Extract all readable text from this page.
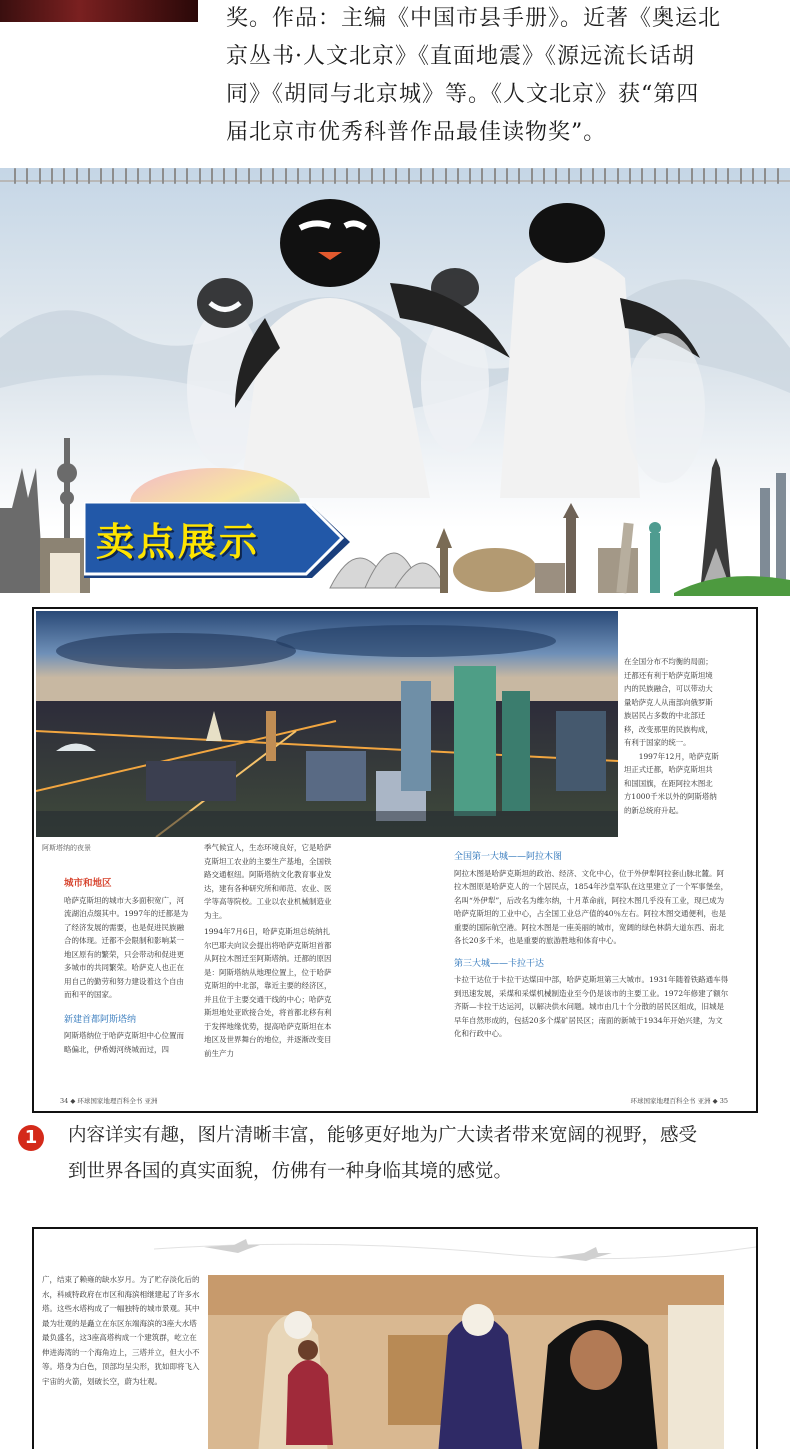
奖。作品：主编《中国市县手册》。近著《奥运北

京丛书·人文北京》《直面地震》《源远流长话胡

同》《胡同与北京城》等。《人文北京》获“第四

届北京市优秀科普作品最佳读物奖”。

卖点展示
阿斯塔纳的夜景

在全国分布不均衡的局面；

迁都还有利于哈萨克斯坦境

内的民族融合，可以带动大

量哈萨克人从南部向俄罗斯

族居民占多数的中北部迁

移，改变那里的民族构成，

有利于国家的统一。

　　1997年12月，哈萨克斯

坦正式迁都，哈萨克斯坦共

和国国旗，在距阿拉木图北

方1000千米以外的阿斯塔纳

的新总统府升起。

城市和地区

哈萨克斯坦的城市大多面积宽广，河流湖泊点缀其中。1997年的迁都是为了经济发展的需要，也是促进民族融合的体现。迁都不会限制和影响某一地区原有的繁荣，只会带动和促进更多城市的共同繁荣。哈萨克人也正在用自己的勤劳和努力建设着这个自由而和平的国家。

新建首都阿斯塔纳

阿斯塔纳位于哈萨克斯坦中心位置而略偏北，伊希姆河绕城而过，四

季气候宜人，生态环境良好，它是哈萨克斯坦工农业的主要生产基地，全国铁路交通枢纽。阿斯塔纳文化教育事业发达，建有各种研究所和师范、农业、医学等高等院校。工业以农业机械制造业为主。

1994年7月6日，哈萨克斯坦总统纳扎尔巴耶夫向议会提出将哈萨克斯坦首都从阿拉木图迁至阿斯塔纳。迁都的原因是：阿斯塔纳从地理位置上，位于哈萨克斯坦的中北部，靠近主要的经济区，并且位于主要交通干线的中心；哈萨克斯坦地处亚欧接合处，将首都北移有利于发挥地缘优势，提高哈萨克斯坦在本地区及世界舞台的地位，并逐渐改变目前生产力

全国第一大城——阿拉木图

阿拉木图是哈萨克斯坦的政治、经济、文化中心，位于外伊犁阿拉套山脉北麓。阿拉木图原是哈萨克人的一个居民点，1854年沙皇军队在这里建立了一个军事堡垒，名叫“外伊犁”，后改名为维尔纳，十月革命前，阿拉木图几乎没有工业，现已成为哈萨克斯坦的工业中心，占全国工业总产值的40％左右。阿拉木图交通便利，也是重要的国际航空港。阿拉木图是一座美丽的城市，宽阔的绿色林荫大道东西、南北各长20多千米，也是重要的旅游胜地和体育中心。

第三大城——卡拉干达

卡拉干达位于卡拉干达煤田中部，哈萨克斯坦第三大城市。1931年随着铁路通车得到迅速发展，采煤和采煤机械制造业至今仍是该市的主要工业。1972年修建了额尔齐斯—卡拉干达运河，以解决供水问题。城市由几十个分散的居民区组成，旧城是早年自然形成的，包括20多个煤矿居民区；南面的新城于1934年开始兴建，为文化和行政中心。

34 ◆ 环球国家地理百科全书 亚洲	环球国家地理百科全书 亚洲 ◆ 35
1	内容详实有趣，图片清晰丰富，能够更好地为广大读者带来宽阔的视野，感受
到世界各国的真实面貌，仿佛有一种身临其境的感觉。
广，结束了赖雍的缺水岁月。为了贮存淡化后的水，科威特政府在市区和海滨相继建起了许多水塔。这些水塔构成了一幅独特的城市景观。其中最为壮观的是矗立在东区东端海滨的3座大水塔最负盛名，这3座高塔构成一个建筑群，屹立在伸进海湾的一个海角边上，三塔并立，但大小不等。塔身为白色，顶部均呈尖形，犹如即将飞入宇宙的火箭，划破长空，蔚为壮观。
